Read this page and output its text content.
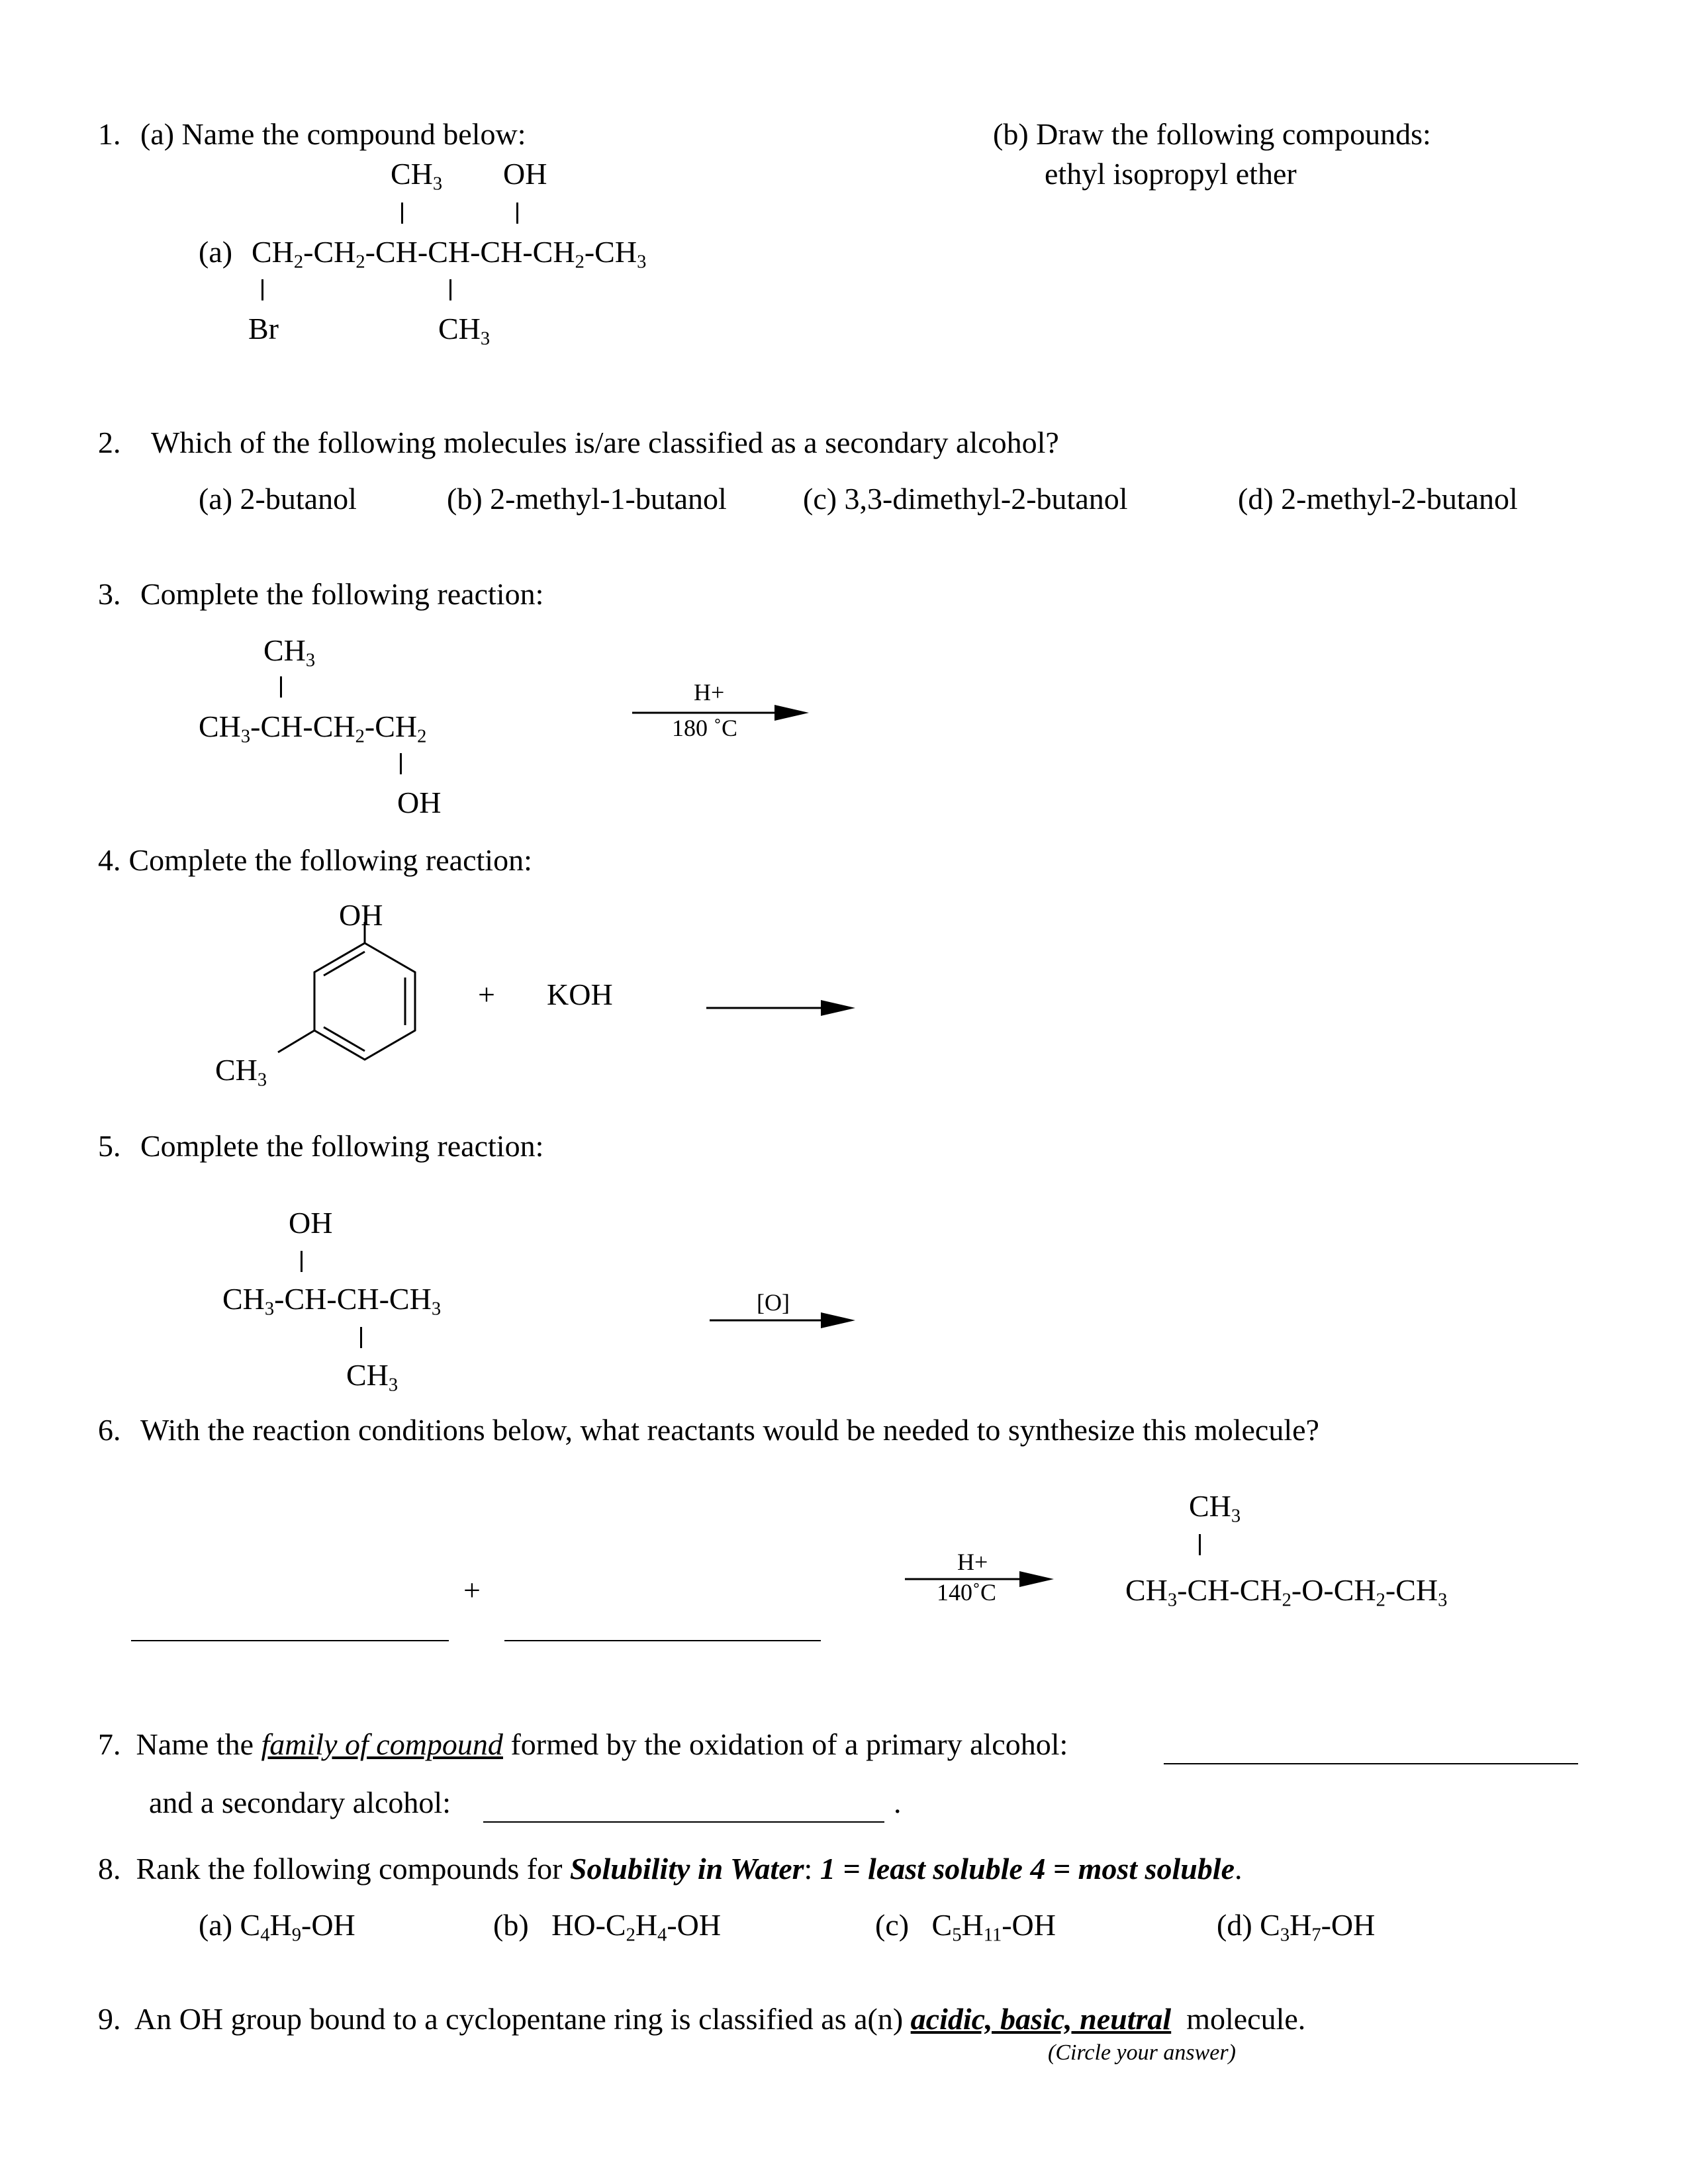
1. (a) Name the compound below:
$CH_3$ OH
(a) $CH_2-CH_2-CH-CH-CH-CH_2-CH_3$
Br	$CH_3$
(b) Draw the following compounds:
ethyl isopropyl ether
2. Which of the following molecules is/are classified as a secondary alcohol?
(a) 2-butanol	(b) 2-methyl-1-butanol	(c) 3,3-dimethyl-2-butanol	(d) 2-methyl-2-butanol
3. Complete the following reaction:
$CH_3$
$CH_3-CH-CH_2-CH_2$
OH
H+
180 ˚C
4. Complete the following reaction:
OH
$CH_3$
+ KOH
5. Complete the following reaction:
OH
$CH_3-CH-CH-CH_3$
$CH_3$
[O]
6. With the reaction conditions below, what reactants would be needed to synthesize this molecule?
$CH_3$
$CH_3-CH-CH_2-O-CH_2-CH_3$
+
H+
140˚C
7. Name the family of compound formed by the oxidation of a primary alcohol:
and a secondary alcohol:	.
8. Rank the following compounds for Solubility in Water: 1 = least soluble 4 = most soluble.
(a) $C_4H_9-OH$	(b)   $HO-C_2H_4-OH$	(c)   $C_5H_{11}-OH$	(d) $C_3H_7-OH$
9. An OH group bound to a cyclopentane ring is classified as a(n) acidic, basic, neutral molecule.
(Circle your answer)
